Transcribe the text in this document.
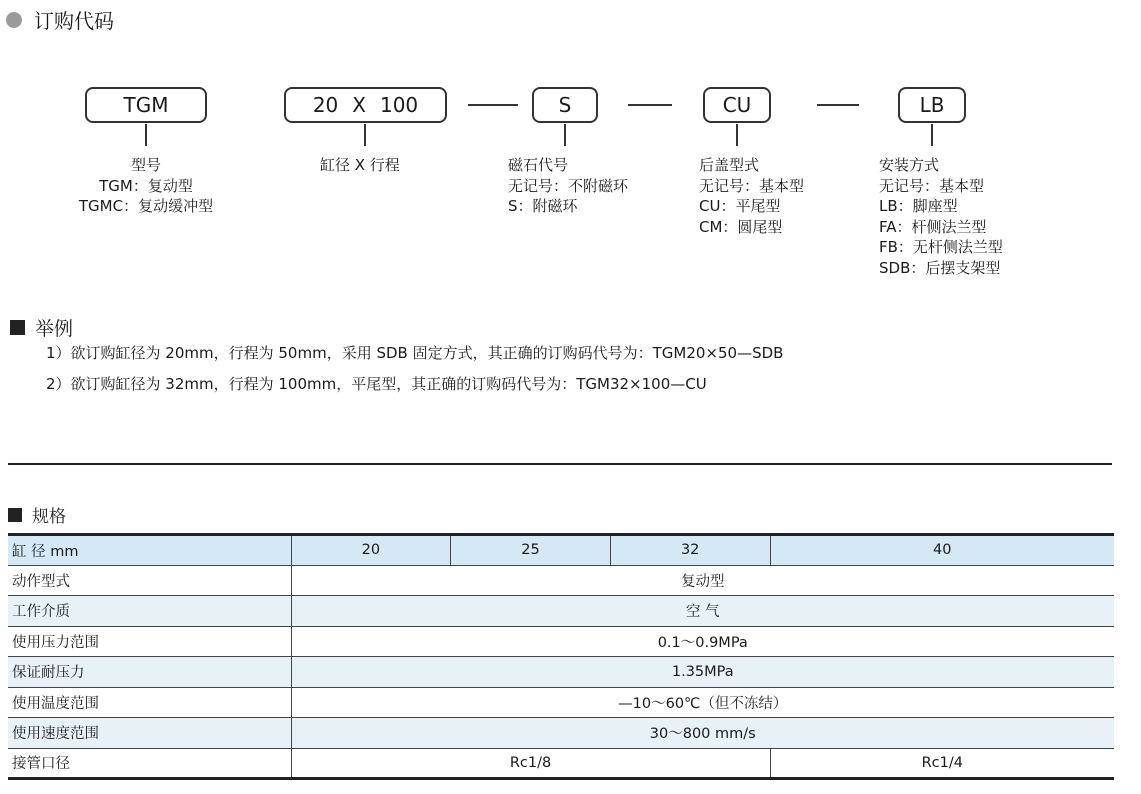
订购代码
TGM	20 X 100	S	CU	LB
型号
TGM：复动型
TGMC：复动缓冲型
缸径 X 行程	磁石代号
无记号：不附磁环
S：附磁环
后盖型式
无记号：基本型
CU：平尾型
CM：圆尾型
安装方式
无记号：基本型
LB：脚座型
FA：杆侧法兰型
FB：无杆侧法兰型
SDB：后摆支架型
举例
1）欲订购缸径为 20mm，行程为 50mm，采用 SDB 固定方式，其正确的订购码代号为：TGM20×50—SDB
2）欲订购缸径为 32mm，行程为 100mm，平尾型，其正确的订购码代号为：TGM32×100—CU
规格
缸 径 mm	20	25	32	40
动作型式	复动型			
工作介质	空 气			
使用压力范围	0.1～0.9MPa			
保证耐压力	1.35MPa			
使用温度范围	—10～60℃（但不冻结）			
使用速度范围	30～800 mm/s			
接管口径	Rc1/8			Rc1/4
